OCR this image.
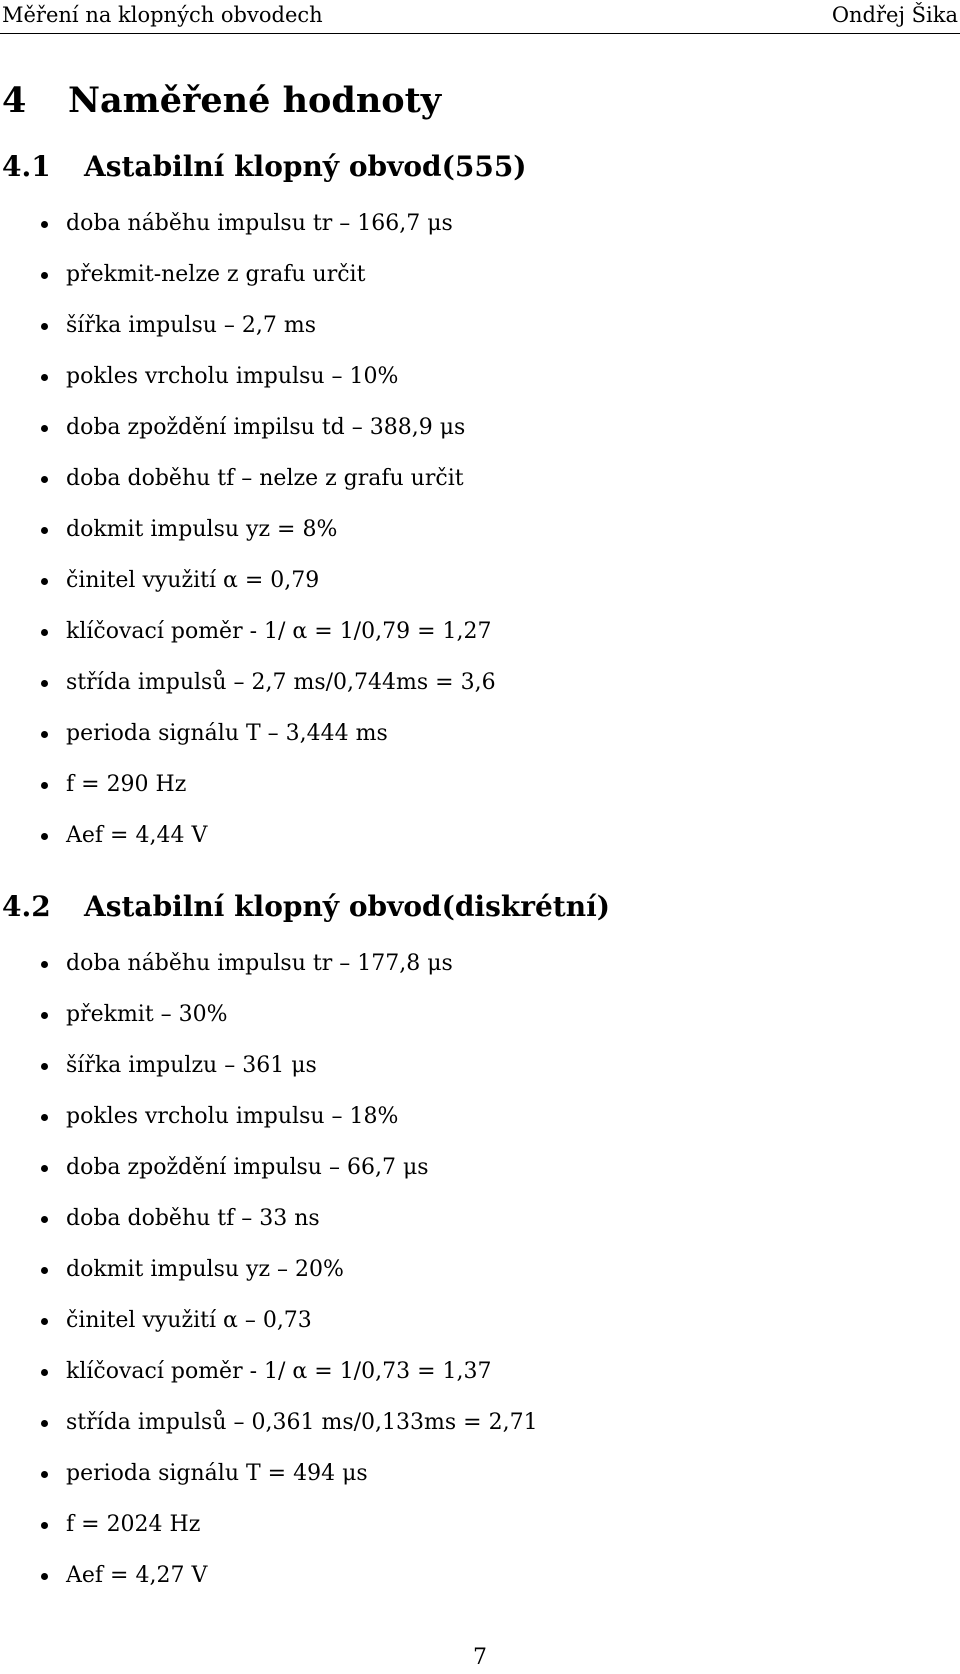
Měření na klopných obvodech	Ondřej Šika
4 Naměřené hodnoty
4.1 Astabilní klopný obvod(555)
doba náběhu impulsu tr – 166,7 μs
překmit-nelze z grafu určit
šířka impulsu – 2,7 ms
pokles vrcholu impulsu – 10%
doba zpoždění impilsu td – 388,9 μs
doba doběhu tf – nelze z grafu určit
dokmit impulsu yz = 8%
činitel využití α = 0,79
klíčovací poměr - 1/ α = 1/0,79 = 1,27
střída impulsů – 2,7 ms/0,744ms = 3,6
perioda signálu T – 3,444 ms
f = 290 Hz
Aef = 4,44 V
4.2 Astabilní klopný obvod(diskrétní)
doba náběhu impulsu tr – 177,8 μs
překmit – 30%
šířka impulzu – 361 μs
pokles vrcholu impulsu – 18%
doba zpoždění impulsu – 66,7 μs
doba doběhu tf – 33 ns
dokmit impulsu yz – 20%
činitel využití α – 0,73
klíčovací poměr - 1/ α = 1/0,73 = 1,37
střída impulsů – 0,361 ms/0,133ms = 2,71
perioda signálu T = 494 μs
f = 2024 Hz
Aef = 4,27 V
7
